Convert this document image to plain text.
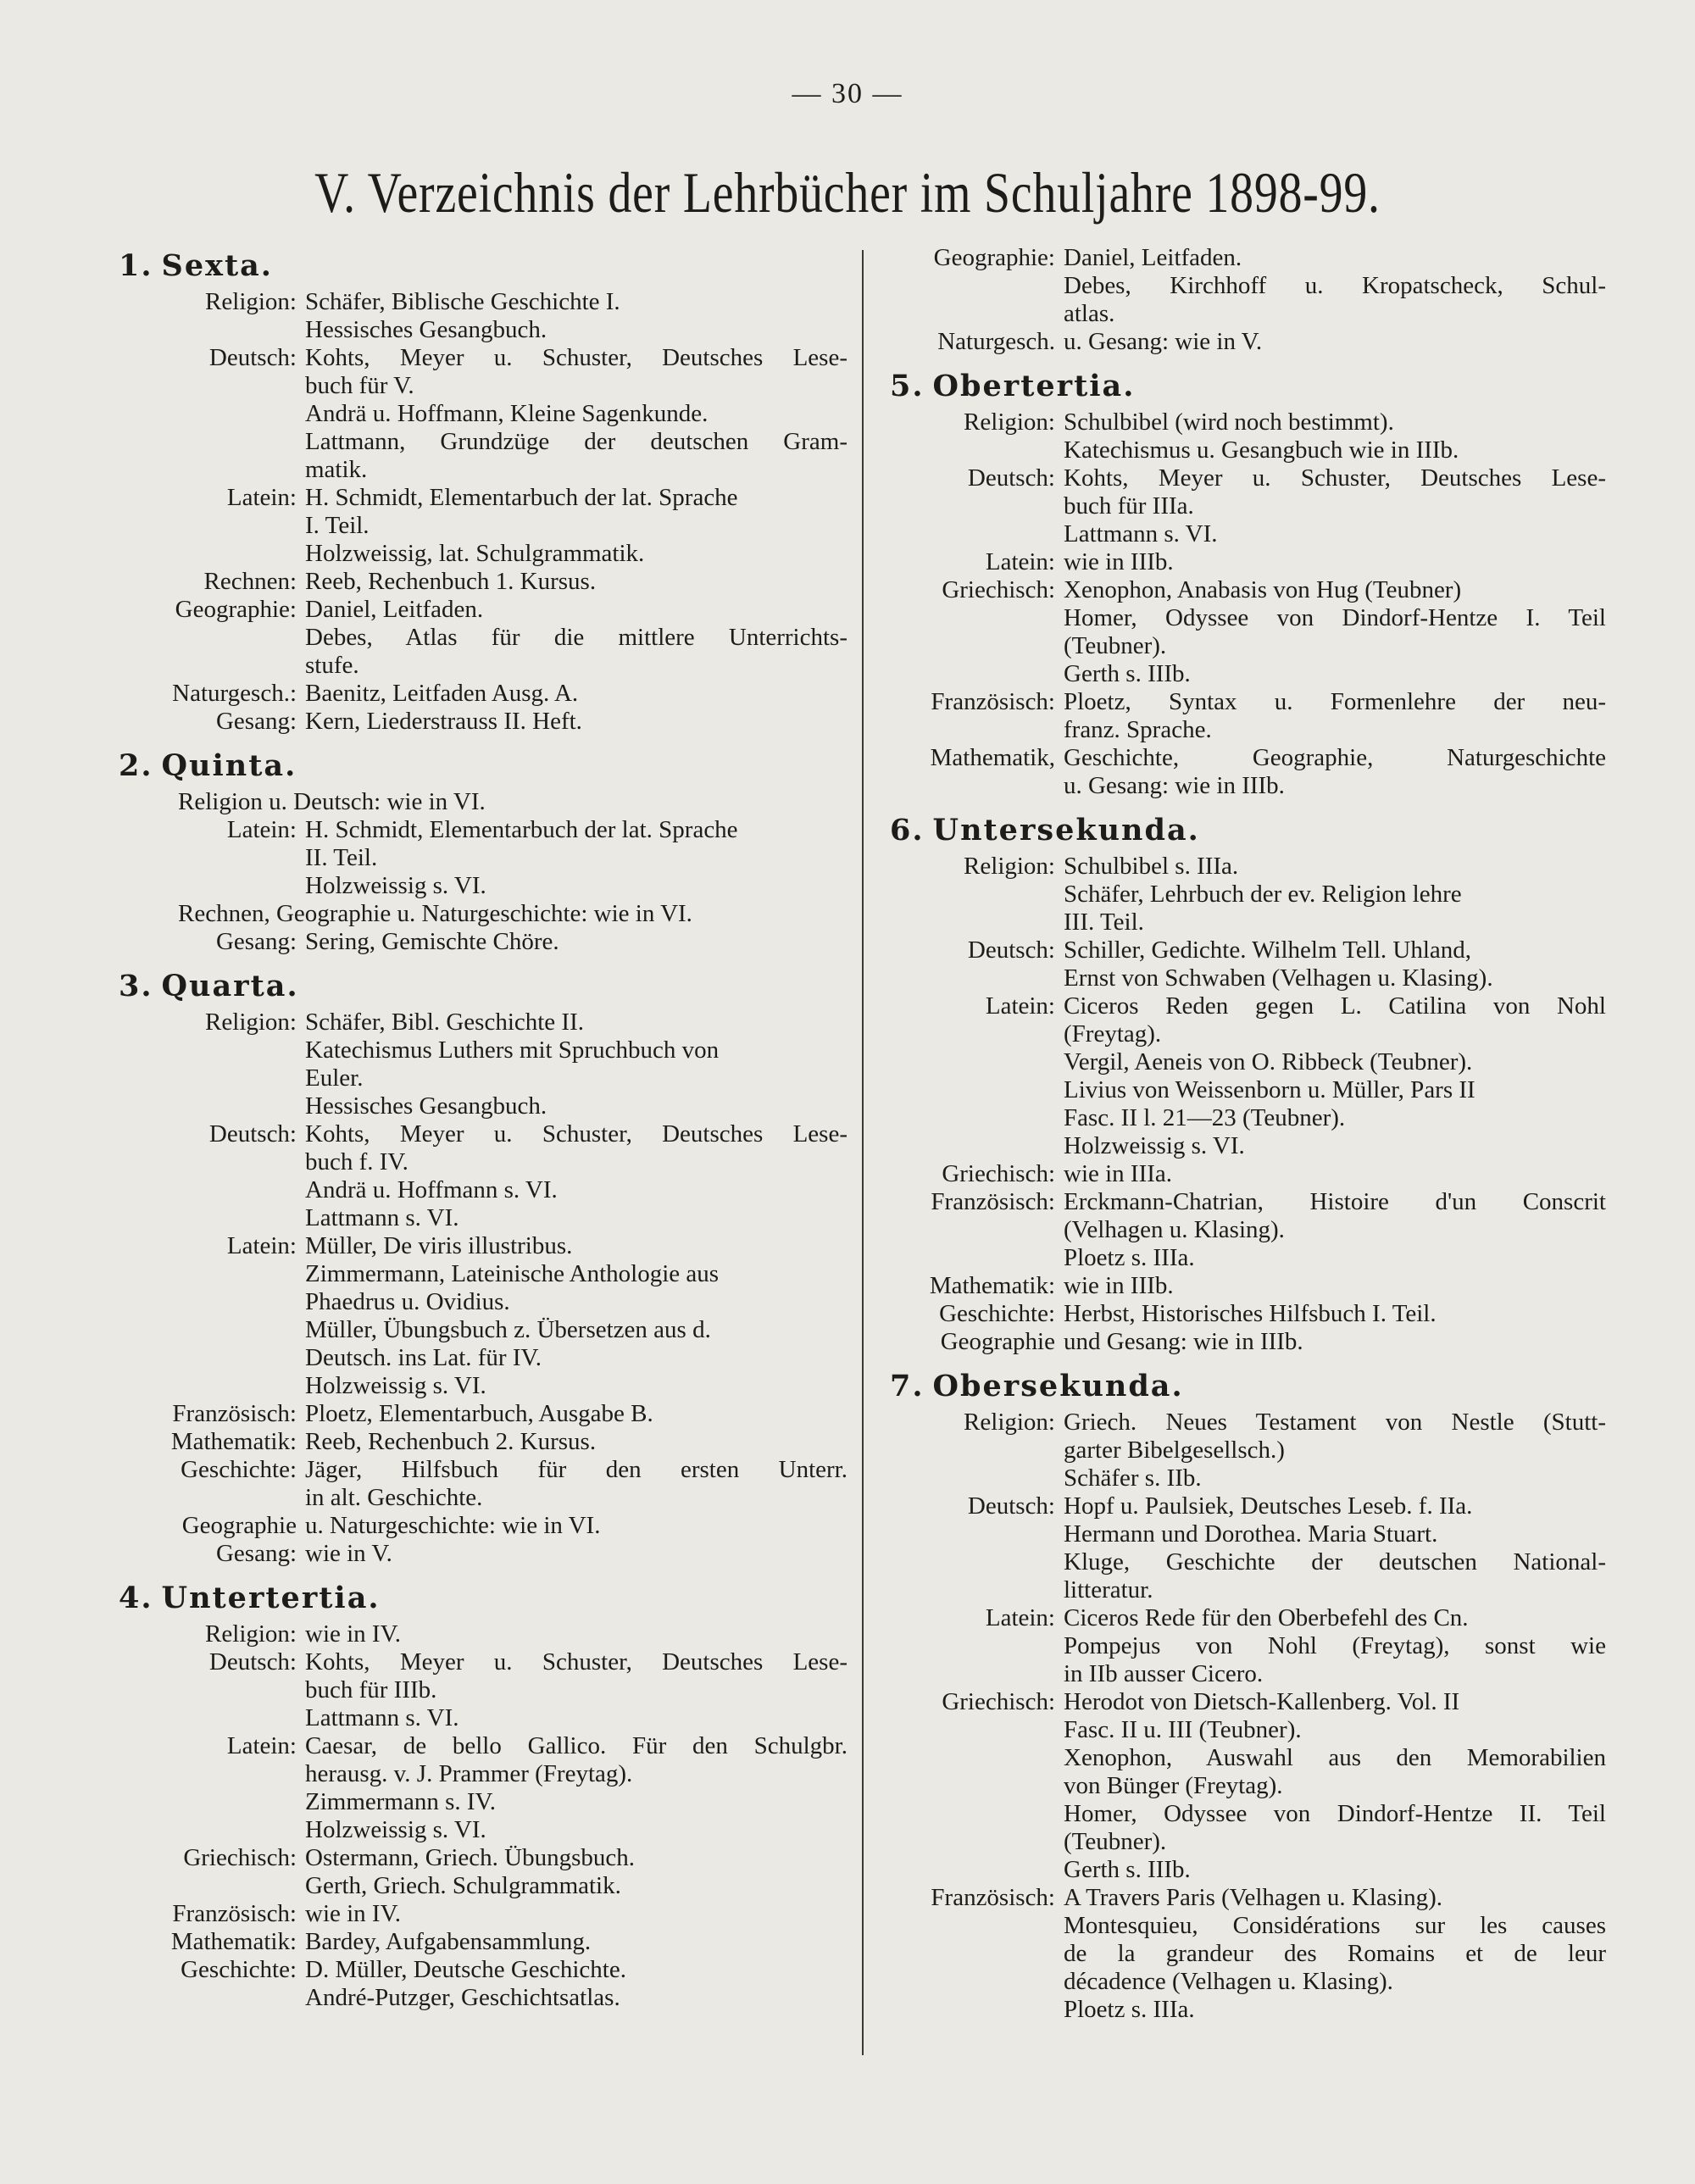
— 30 —
V. Verzeichnis der Lehrbücher im Schuljahre 1898-99.
1. Sexta.
Religion: Schäfer, Biblische Geschichte I.
Hessisches Gesangbuch.
Deutsch: Kohts, Meyer u. Schuster, Deutsches Lese-
buch für V.
Andrä u. Hoffmann, Kleine Sagenkunde.
Lattmann, Grundzüge der deutschen Gram-
matik.
Latein: H. Schmidt, Elementarbuch der lat. Sprache
I. Teil.
Holzweissig, lat. Schulgrammatik.
Rechnen: Reeb, Rechenbuch 1. Kursus.
Geographie: Daniel, Leitfaden.
Debes, Atlas für die mittlere Unterrichts-
stufe.
Naturgesch.: Baenitz, Leitfaden Ausg. A.
Gesang: Kern, Liederstrauss II. Heft.
2. Quinta.
Religion u. Deutsch: wie in VI.
Latein: H. Schmidt, Elementarbuch der lat. Sprache
II. Teil.
Holzweissig s. VI.
Rechnen, Geographie u. Naturgeschichte: wie in VI.
Gesang: Sering, Gemischte Chöre.
3. Quarta.
Religion: Schäfer, Bibl. Geschichte II.
Katechismus Luthers mit Spruchbuch von
Euler.
Hessisches Gesangbuch.
Deutsch: Kohts, Meyer u. Schuster, Deutsches Lese-
buch f. IV.
Andrä u. Hoffmann s. VI.
Lattmann s. VI.
Latein: Müller, De viris illustribus.
Zimmermann, Lateinische Anthologie aus
Phaedrus u. Ovidius.
Müller, Übungsbuch z. Übersetzen aus d.
Deutsch. ins Lat. für IV.
Holzweissig s. VI.
Französisch: Ploetz, Elementarbuch, Ausgabe B.
Mathematik: Reeb, Rechenbuch 2. Kursus.
Geschichte: Jäger, Hilfsbuch für den ersten Unterr.
in alt. Geschichte.
Geographie u. Naturgeschichte: wie in VI.
Gesang: wie in V.
4. Untertertia.
Religion: wie in IV.
Deutsch: Kohts, Meyer u. Schuster, Deutsches Lese-
buch für IIIb.
Lattmann s. VI.
Latein: Caesar, de bello Gallico. Für den Schulgbr.
herausg. v. J. Prammer (Freytag).
Zimmermann s. IV.
Holzweissig s. VI.
Griechisch: Ostermann, Griech. Übungsbuch.
Gerth, Griech. Schulgrammatik.
Französisch: wie in IV.
Mathematik: Bardey, Aufgabensammlung.
Geschichte: D. Müller, Deutsche Geschichte.
André-Putzger, Geschichtsatlas.
Geographie: Daniel, Leitfaden.
Debes, Kirchhoff u. Kropatscheck, Schul-
atlas.
Naturgesch. u. Gesang: wie in V.
5. Obertertia.
Religion: Schulbibel (wird noch bestimmt).
Katechismus u. Gesangbuch wie in IIIb.
Deutsch: Kohts, Meyer u. Schuster, Deutsches Lese-
buch für IIIa.
Lattmann s. VI.
Latein: wie in IIIb.
Griechisch: Xenophon, Anabasis von Hug (Teubner)
Homer, Odyssee von Dindorf-Hentze I. Teil
(Teubner).
Gerth s. IIIb.
Französisch: Ploetz, Syntax u. Formenlehre der neu-
franz. Sprache.
Mathematik, Geschichte, Geographie, Naturgeschichte
u. Gesang: wie in IIIb.
6. Untersekunda.
Religion: Schulbibel s. IIIa.
Schäfer, Lehrbuch der ev. Religion lehre
III. Teil.
Deutsch: Schiller, Gedichte. Wilhelm Tell. Uhland,
Ernst von Schwaben (Velhagen u. Klasing).
Latein: Ciceros Reden gegen L. Catilina von Nohl
(Freytag).
Vergil, Aeneis von O. Ribbeck (Teubner).
Livius von Weissenborn u. Müller, Pars II
Fasc. II l. 21—23 (Teubner).
Holzweissig s. VI.
Griechisch: wie in IIIa.
Französisch: Erckmann-Chatrian, Histoire d'un Conscrit
(Velhagen u. Klasing).
Ploetz s. IIIa.
Mathematik: wie in IIIb.
Geschichte: Herbst, Historisches Hilfsbuch I. Teil.
Geographie und Gesang: wie in IIIb.
7. Obersekunda.
Religion: Griech. Neues Testament von Nestle (Stutt-
garter Bibelgesellsch.)
Schäfer s. IIb.
Deutsch: Hopf u. Paulsiek, Deutsches Leseb. f. IIa.
Hermann und Dorothea. Maria Stuart.
Kluge, Geschichte der deutschen National-
litteratur.
Latein: Ciceros Rede für den Oberbefehl des Cn.
Pompejus von Nohl (Freytag), sonst wie
in IIb ausser Cicero.
Griechisch: Herodot von Dietsch-Kallenberg. Vol. II
Fasc. II u. III (Teubner).
Xenophon, Auswahl aus den Memorabilien
von Bünger (Freytag).
Homer, Odyssee von Dindorf-Hentze II. Teil
(Teubner).
Gerth s. IIIb.
Französisch: A Travers Paris (Velhagen u. Klasing).
Montesquieu, Considérations sur les causes
de la grandeur des Romains et de leur
décadence (Velhagen u. Klasing).
Ploetz s. IIIa.
